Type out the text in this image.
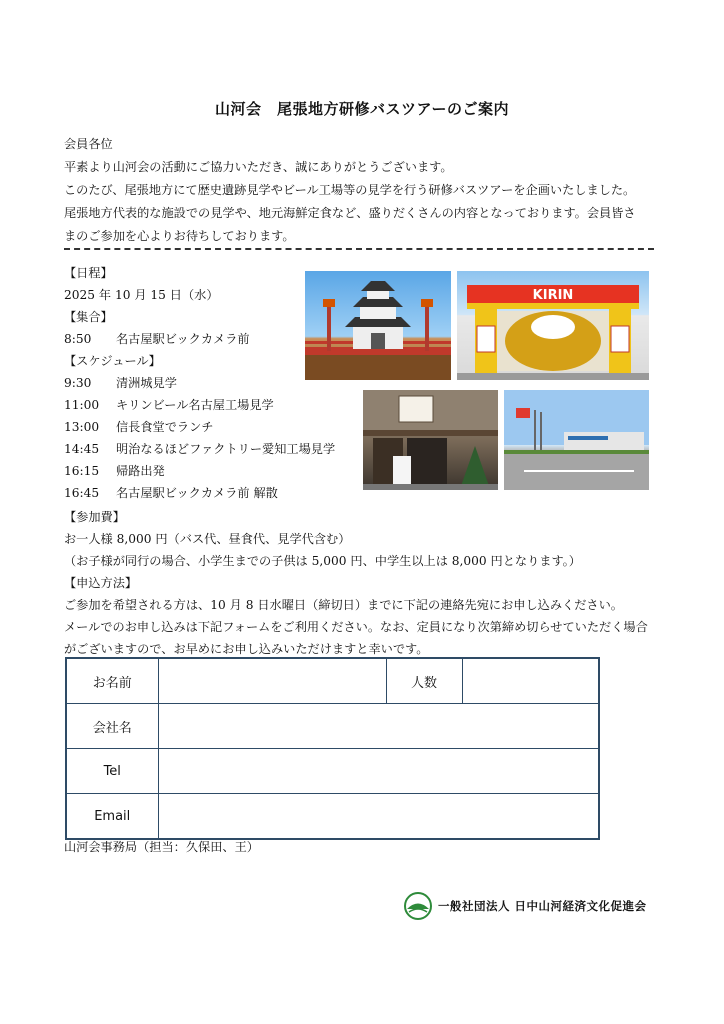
山河会　尾張地方研修バスツアーのご案内

会員各位

平素より山河会の活動にご協力いただき、誠にありがとうございます。

このたび、尾張地方にて歴史遺跡見学やビール工場等の見学を行う研修バスツアーを企画いたしました。

尾張地方代表的な施設での見学や、地元海鮮定食など、盛りだくさんの内容となっております。会員皆さ

まのご参加を心よりお待ちしております。

【日程】
2025 年 10 月 15 日（水）
【集合】
8:50 名古屋駅ビックカメラ前
【スケジュール】
9:30 清洲城見学
11:00 キリンビール名古屋工場見学
13:00 信長食堂でランチ
14:45 明治なるほどファクトリー愛知工場見学
16:15 帰路出発
16:45 名古屋駅ビックカメラ前 解散
KIRIN
【参加費】
お一人様 8,000 円（バス代、昼食代、見学代含む）
（お子様が同行の場合、小学生までの子供は 5,000 円、中学生以上は 8,000 円となります。）
【申込方法】
ご参加を希望される方は、10 月 8 日水曜日（締切日）までに下記の連絡先宛にお申し込みください。
メールでのお申し込みは下記フォームをご利用ください。なお、定員になり次第締め切らせていただく場合
がございますので、お早めにお申し込みいただけますと幸いです。
お名前		人数	
会社名			
Tel			
Email			
山河会事務局（担当：久保田、王）
一般社団法人 日中山河経済文化促進会
